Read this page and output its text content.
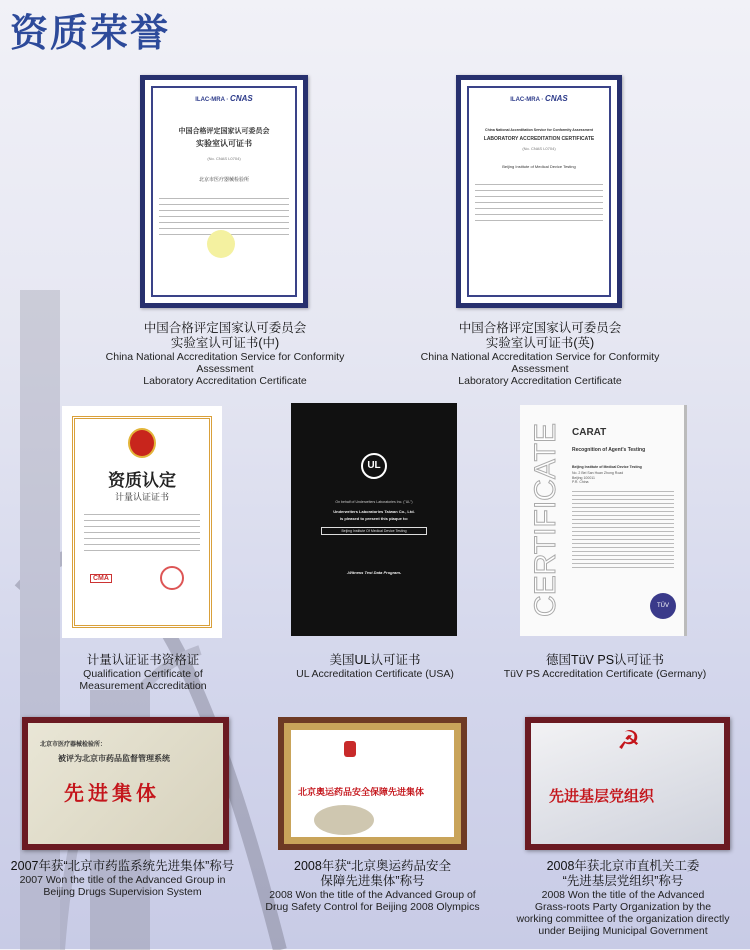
资质荣誉
ILAC-MRA · CNAS
中国合格评定国家认可委员会
实验室认可证书
(No. CNAS L0704)
北京市医疗器械检验所
ILAC-MRA · CNAS
China National Accreditation Service for Conformity Assessment
LABORATORY ACCREDITATION CERTIFICATE
(No. CNAS L0704)
Beijing Institute of Medical Device Testing
中国合格评定国家认可委员会
实验室认可证书(中)
China National Accreditation Service for Conformity Assessment
Laboratory Accreditation Certificate
中国合格评定国家认可委员会
实验室认可证书(英)
China National Accreditation Service for Conformity Assessment
Laboratory Accreditation Certificate
资质认定
计量认证证书
CMA
UL
On behalf of Underwriters Laboratories Inc. ("UL")
Underwriters Laboratories Taiwan Co., Ltd.
is pleased to present this plaque to:
Beijing Institute Of Medical Device Testing
-Witness Test Data Program-	CERTIFICATE CARAT
Recognition of Agent's Testing
Beijing Institute of Medical Device Testing
No. 2 Bei San Huan Zhong Road
Beijing 100011
P.R. China
TÜV
计量认证证书资格证
Qualification Certificate of
Measurement Accreditation
美国UL认可证书
UL Accreditation Certificate (USA)
德国TüV PS认可证书
TüV PS Accreditation Certificate (Germany)
北京市医疗器械检验所：
被评为北京市药品监督管理系统
先进集体	北京奥运药品安全保障先进集体
☭
先进基层党组织
2007年获“北京市药监系统先进集体”称号
2007 Won the title of the Advanced Group in
Beijing Drugs Supervision System
2008年获“北京奥运药品安全
保障先进集体”称号
2008 Won the title of the Advanced Group of
Drug Safety Control for Beijing 2008 Olympics
2008年获北京市直机关工委
“先进基层党组织”称号
2008 Won the title of the Advanced
Grass-roots Party Organization by the
working committee of the organization directly
under Beijing Municipal Government
